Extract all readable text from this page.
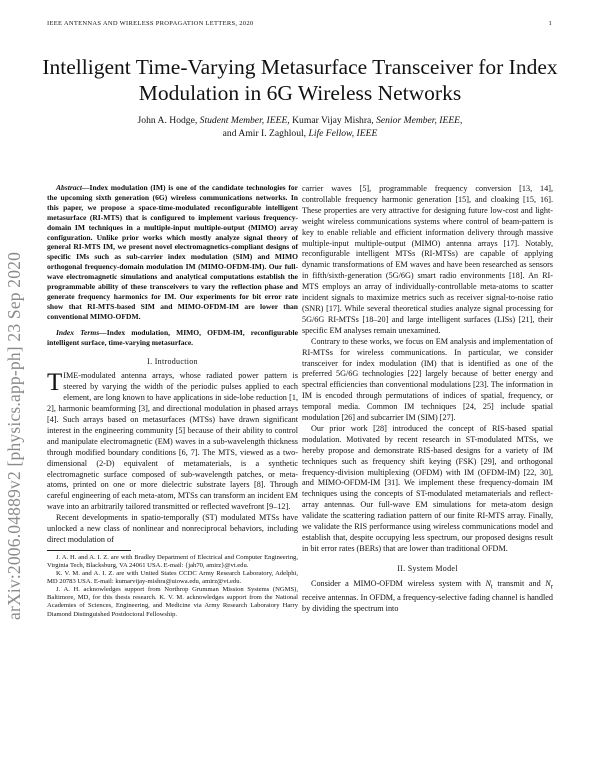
IEEE ANTENNAS AND WIRELESS PROPAGATION LETTERS, 2020	1
arXiv:2006.04889v2 [physics.app-ph] 23 Sep 2020
Intelligent Time-Varying Metasurface Transceiver for Index Modulation in 6G Wireless Networks
John A. Hodge, Student Member, IEEE, Kumar Vijay Mishra, Senior Member, IEEE,
and Amir I. Zaghloul, Life Fellow, IEEE

Abstract—Index modulation (IM) is one of the candidate technologies for the upcoming sixth generation (6G) wireless communications networks. In this paper, we propose a space-time-modulated reconfigurable intelligent metasurface (RI-MTS) that is configured to implement various frequency-domain IM techniques in a multiple-input multiple-output (MIMO) array configuration. Unlike prior works which mostly analyze signal theory of general RI-MTS IM, we present novel electromagnetics-compliant designs of specific IMs such as sub-carrier index modulation (SIM) and MIMO orthogonal frequency-domain modulation IM (MIMO-OFDM-IM). Our full-wave electromagnetic simulations and analytical computations establish the programmable ability of these transceivers to vary the reflection phase and generate frequency harmonics for IM. Our experiments for bit error rate show that RI-MTS-based SIM and MIMO-OFDM-IM are lower than conventional MIMO-OFDM.

Index Terms—Index modulation, MIMO, OFDM-IM, reconfigurable intelligent surface, time-varying metasurface.

I. Introduction

TIME-modulated antenna arrays, whose radiated power pattern is steered by varying the width of the periodic pulses applied to each element, are long known to have applications in side-lobe reduction [1, 2], harmonic beamforming [3], and directional modulation in phased arrays [4]. Such arrays based on metasurfaces (MTSs) have drawn significant interest in the engineering community [5] because of their ability to control and manipulate electromagnetic (EM) waves in a sub-wavelength thickness through modified boundary conditions [6, 7]. The MTS, viewed as a two-dimensional (2-D) equivalent of metamaterials, is a synthetic electromagnetic surface composed of sub-wavelength patches, or meta-atoms, printed on one or more dielectric substrate layers [8]. Through careful engineering of each meta-atom, MTSs can transform an incident EM wave into an arbitrarily tailored transmitted or reflected wavefront [9–12].

Recent developments in spatio-temporally (ST) modulated MTSs have unlocked a new class of nonlinear and nonreciprocal behaviors, including direct modulation of

J. A. H. and A. I. Z. are with Bradley Department of Electrical and Computer Engineering, Virginia Tech, Blacksburg, VA 24061 USA. E-mail: {jah70, amirz}@vt.edu.

K. V. M. and A. I. Z. are with United States CCDC Army Research Laboratory, Adelphi, MD 20783 USA. E-mail: kumarvijay-mishra@uiowa.edu, amirz@vt.edu.

J. A. H. acknowledges support from Northrop Grumman Mission Systems (NGMS), Baltimore, MD, for this thesis research. K. V. M. acknowledges support from the National Academies of Sciences, Engineering, and Medicine via Army Research Laboratory Harry Diamond Distinguished Postdoctoral Fellowship.

carrier waves [5], programmable frequency conversion [13, 14], controllable frequency harmonic generation [15], and cloaking [15, 16]. These properties are very attractive for designing future low-cost and light-weight wireless communications systems where control of beam-pattern is key to enable reliable and efficient information delivery through massive multiple-input multiple-output (MIMO) antenna arrays [17]. Notably, reconfigurable intelligent MTSs (RI-MTSs) are capable of applying dynamic transformations of EM waves and have been researched as sensors in fifth/sixth-generation (5G/6G) smart radio environments [18]. An RI-MTS employs an array of individually-controllable meta-atoms to scatter incident signals to maximize metrics such as receiver signal-to-noise ratio (SNR) [17]. While several theoretical studies analyze signal processing for 5G/6G RI-MTSs [18–20] and large intelligent surfaces (LISs) [21], their specific EM analyses remain unexamined.

Contrary to these works, we focus on EM analysis and implementation of RI-MTSs for wireless communications. In particular, we consider transceiver for index modulation (IM) that is identified as one of the preferred 5G/6G technologies [22] largely because of better energy and spectral efficiencies than conventional modulations [23]. The information in IM is encoded through permutations of indices of spatial, frequency, or temporal media. Common IM techniques [24, 25] include spatial modulation [26] and subcarrier IM (SIM) [27].

Our prior work [28] introduced the concept of RIS-based spatial modulation. Motivated by recent research in ST-modulated MTSs, we hereby propose and demonstrate RIS-based designs for a variety of IM techniques such as frequency shift keying (FSK) [29], and orthogonal frequency-division multiplexing (OFDM) with IM (OFDM-IM) [22, 30], and MIMO-OFDM-IM [31]. We implement these frequency-domain IM techniques using the concepts of ST-modulated metamaterials and reflect-array antennas. Our full-wave EM simulations for meta-atom design validate the scattering radiation pattern of our finite RI-MTS array. Finally, we validate the RIS performance using wireless communications model and establish that, despite occupying less spectrum, our proposed designs result in bit error rates (BERs) that are lower than traditional OFDM.

II. System Model

Consider a MIMO-OFDM wireless system with $N_t$ transmit and $N_r$ receive antennas. In OFDM, a frequency-selective fading channel is handled by dividing the spectrum into
